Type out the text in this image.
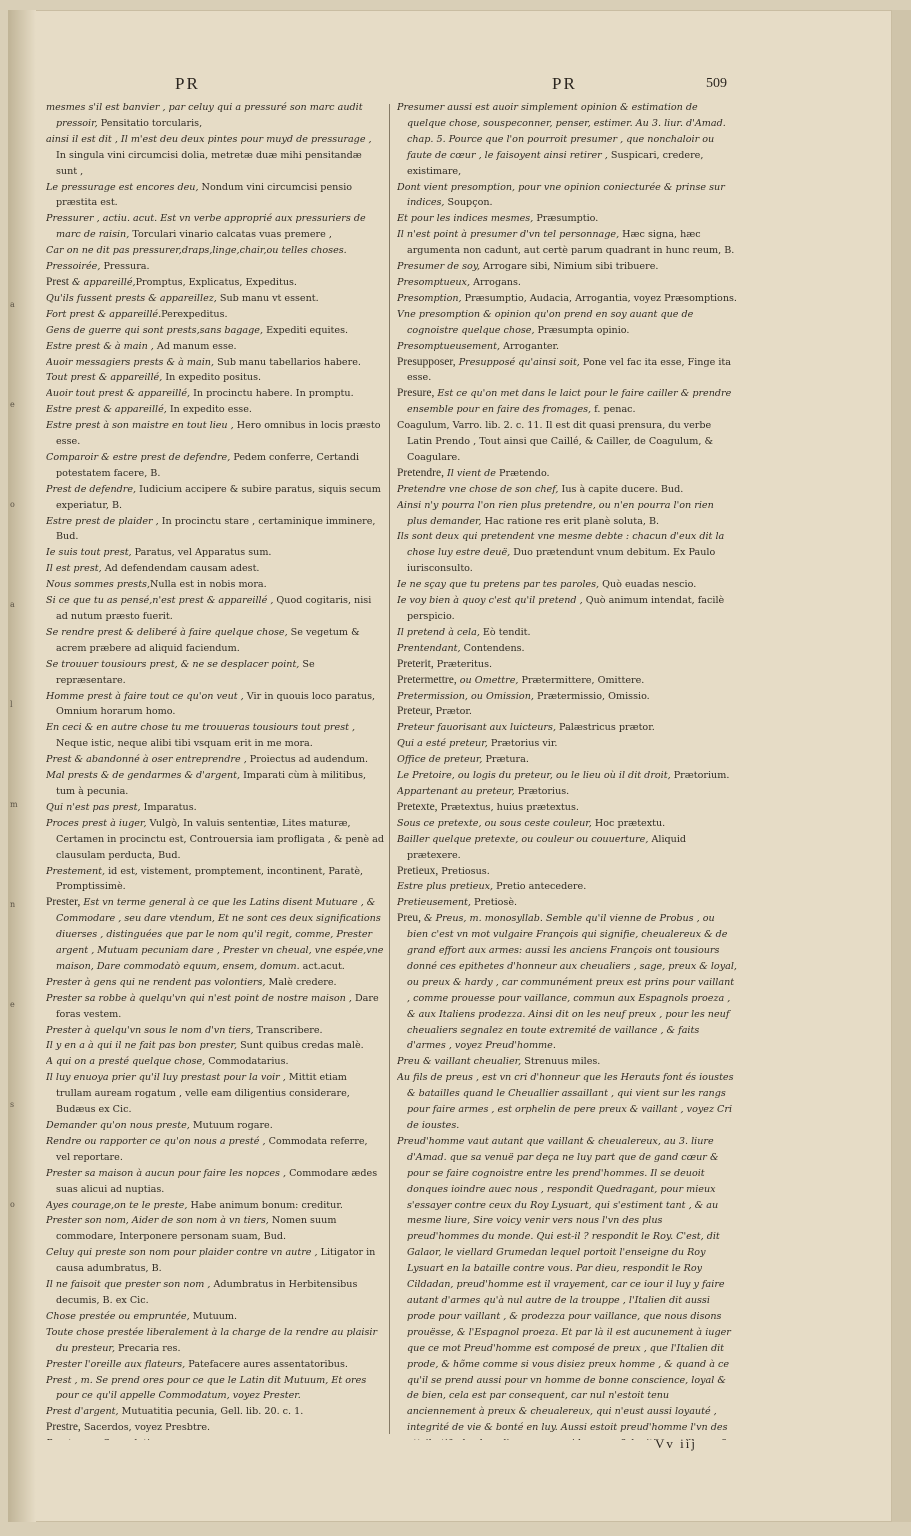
a
e
o
a
l
m
n
e
s
o
PR	PR	509

mesmes s'il est banvier , par celuy qui a pressuré son marc audit pressoir, Pensitatio torcularis,

ainsi il est dit , Il m'est deu deux pintes pour muyd de pressurage , In singula vini circumcisi dolia, metretæ duæ mihi pensitandæ sunt ,

Le pressurage est encores deu, Nondum vini circumcisi pensio præstita est.

Pressurer , actiu. acut. Est vn verbe approprié aux pressuriers de marc de raisin, Torculari vinario calcatas vuas premere ,

Car on ne dit pas pressurer,draps,linge,chair,ou telles choses.

Pressoirée, Pressura.

Prest & appareillé,Promptus, Explicatus, Expeditus.

Qu'ils fussent prests & appareillez, Sub manu vt essent.

Fort prest & appareillé.Perexpeditus.

Gens de guerre qui sont prests,sans bagage, Expediti equites.

Estre prest & à main , Ad manum esse.

Auoir messagiers prests & à main, Sub manu tabellarios habere.

Tout prest & appareillé, In expedito positus.

Auoir tout prest & appareillé, In procinctu habere. In promptu.

Estre prest & appareillé, In expedito esse.

Estre prest à son maistre en tout lieu , Hero omnibus in locis præsto esse.

Comparoir & estre prest de defendre, Pedem conferre, Certandi potestatem facere, B.

Prest de defendre, Iudicium accipere & subire paratus, siquis secum experiatur, B.

Estre prest de plaider , In procinctu stare , certaminique imminere, Bud.

Ie suis tout prest, Paratus, vel Apparatus sum.

Il est prest, Ad defendendam causam adest.

Nous sommes prests,Nulla est in nobis mora.

Si ce que tu as pensé,n'est prest & appareillé , Quod cogitaris, nisi ad nutum præsto fuerit.

Se rendre prest & deliberé à faire quelque chose, Se vegetum & acrem præbere ad aliquid faciendum.

Se trouuer tousiours prest, & ne se desplacer point, Se repræsentare.

Homme prest à faire tout ce qu'on veut , Vir in quouis loco paratus, Omnium horarum homo.

En ceci & en autre chose tu me trouueras tousiours tout prest , Neque istic, neque alibi tibi vsquam erit in me mora.

Prest & abandonné à oser entreprendre , Proiectus ad audendum.

Mal prests & de gendarmes & d'argent, Imparati cùm à militibus, tum à pecunia.

Qui n'est pas prest, Imparatus.

Proces prest à iuger, Vulgò, In valuis sententiæ, Lites maturæ, Certamen in procinctu est, Controuersia iam profligata , & penè ad clausulam perducta, Bud.

Prestement, id est, vistement, promptement, incontinent, Paratè, Promptissimè.

Prester, Est vn terme general à ce que les Latins disent Mutuare , & Commodare , seu dare vtendum, Et ne sont ces deux significations diuerses , distinguées que par le nom qu'il regit, comme, Prester argent , Mutuam pecuniam dare , Prester vn cheual, vne espée,vne maison, Dare commodatò equum, ensem, domum. act.acut.

Prester à gens qui ne rendent pas volontiers, Malè credere.

Prester sa robbe à quelqu'vn qui n'est point de nostre maison , Dare foras vestem.

Prester à quelqu'vn sous le nom d'vn tiers, Transcribere.

Il y en a à qui il ne fait pas bon prester, Sunt quibus credas malè.

A qui on a presté quelque chose, Commodatarius.

Il luy enuoya prier qu'il luy prestast pour la voir , Mittit etiam trullam auream rogatum , velle eam diligentius considerare, Budæus ex Cic.

Demander qu'on nous preste, Mutuum rogare.

Rendre ou rapporter ce qu'on nous a presté , Commodata referre, vel reportare.

Prester sa maison à aucun pour faire les nopces , Commodare ædes suas alicui ad nuptias.

Ayes courage,on te le preste, Habe animum bonum: creditur.

Prester son nom, Aider de son nom à vn tiers, Nomen suum commodare, Interponere personam suam, Bud.

Celuy qui preste son nom pour plaider contre vn autre , Litigator in causa adumbratus, B.

Il ne faisoit que prester son nom , Adumbratus in Herbitensibus decumis, B. ex Cic.

Chose prestée ou empruntée, Mutuum.

Toute chose prestée liberalement à la charge de la rendre au plaisir du presteur, Precaria res.

Prester l'oreille aux flateurs, Patefacere aures assentatoribus.

Prest , m. Se prend ores pour ce que le Latin dit Mutuum, Et ores pour ce qu'il appelle Commodatum, voyez Prester.

Prest d'argent, Mutuatitia pecunia, Gell. lib. 20. c. 1.

Prestre, Sacerdos, voyez Presbtre.

Presumer aussi est auoir simplement opinion & estimation de quelque chose, souspeconner, penser, estimer. Au 3. liur. d'Amad. chap. 5. Pource que l'on pourroit presumer , que nonchaloir ou faute de cœur , le faisoyent ainsi retirer , Suspicari, credere, existimare,

Dont vient presomption, pour vne opinion coniecturée & prinse sur indices, Soupçon.

Et pour les indices mesmes, Præsumptio.

Il n'est point à presumer d'vn tel personnage, Hæc signa, hæc argumenta non cadunt, aut certè parum quadrant in hunc reum, B.

Presumer de soy, Arrogare sibi, Nimium sibi tribuere.

Presomptueux, Arrogans.

Presomption, Præsumptio, Audacia, Arrogantia, voyez Præsomptions.

Vne presomption & opinion qu'on prend en soy auant que de cognoistre quelque chose, Præsumpta opinio.

Presomptueusement, Arroganter.

Presupposer, Presupposé qu'ainsi soit, Pone vel fac ita esse, Finge ita esse.

Presure, Est ce qu'on met dans le laict pour le faire cailler & prendre ensemble pour en faire des fromages, f. penac.

Coagulum, Varro. lib. 2. c. 11. Il est dit quasi prensura, du verbe Latin Prendo , Tout ainsi que Caillé, & Cailler, de Coagulum, & Coagulare.

Pretendre, Il vient de Prætendo.

Pretendre vne chose de son chef, Ius à capite ducere. Bud.

Ainsi n'y pourra l'on rien plus pretendre, ou n'en pourra l'on rien plus demander, Hac ratione res erit planè soluta, B.

Ils sont deux qui pretendent vne mesme debte : chacun d'eux dit la chose luy estre deuë, Duo prætendunt vnum debitum. Ex Paulo iurisconsulto.

Ie ne sçay que tu pretens par tes paroles, Quò euadas nescio.

Ie voy bien à quoy c'est qu'il pretend , Quò animum intendat, facilè perspicio.

Il pretend à cela, Eò tendit.

Prentendant, Contendens.

Preterit, Præteritus.

Pretermettre, ou Omettre, Prætermittere, Omittere.

Pretermission, ou Omission, Prætermissio, Omissio.

Preteur, Prætor.

Preteur fauorisant aux luicteurs, Palæstricus prætor.

Qui a esté preteur, Prætorius vir.

Office de preteur, Prætura.

Le Pretoire, ou logis du preteur, ou le lieu où il dit droit, Prætorium.

Appartenant au preteur, Prætorius.

Pretexte, Prætextus, huius prætextus.

Sous ce pretexte, ou sous ceste couleur, Hoc prætextu.

Bailler quelque pretexte, ou couleur ou couuerture, Aliquid prætexere.

Pretieux, Pretiosus.

Estre plus pretieux, Pretio antecedere.

Pretieusement, Pretiosè.

Preu, & Preus, m. monosyllab. Semble qu'il vienne de Probus , ou bien c'est vn mot vulgaire François qui signifie, cheualereux & de grand effort aux armes: aussi les anciens François ont tousiours donné ces epithetes d'honneur aux cheualiers , sage, preux & loyal, ou preux & hardy , car communément preux est prins pour vaillant , comme prouesse pour vaillance, commun aux Espagnols proeza , & aux Italiens prodezza. Ainsi dit on les neuf preux , pour les neuf cheualiers segnalez en toute extremité de vaillance , & faits d'armes , voyez Preud'homme.

Preu & vaillant cheualier, Strenuus miles.

Au fils de preus , est vn cri d'honneur que les Herauts font és ioustes & batailles quand le Cheuallier assaillant , qui vient sur les rangs pour faire armes , est orphelin de pere preux & vaillant , voyez Cri de ioustes.

Preud'homme vaut autant que vaillant & cheualereux, au 3. liure d'Amad. que sa venuë par deça ne luy part que de gand cœur & pour se faire cognoistre entre les prend'hommes. Il se deuoit donques ioindre auec nous , respondit Quedragant, pour mieux s'essayer contre ceux du Roy Lysuart, qui s'estiment tant , & au mesme liure, Sire voicy venir vers nous l'vn des plus preud'hommes du monde. Qui est-il ? respondit le Roy. C'est, dit Galaor, le viellard Grumedan lequel portoit l'enseigne du Roy Lysuart en la bataille contre vous. Par dieu, respondit le Roy Cildadan, preud'homme est il vrayement, car ce iour il luy y faire autant d'armes qu'à nul autre de la trouppe , l'Italien dit aussi prode pour vaillant , & prodezza pour vaillance, que nous disons prouësse, & l'Espagnol proeza. Et par là il est aucunement à iuger que ce mot Preud'homme est composé de preux , que l'Italien dit prode, & hõme comme si vous disiez preux homme , & quand à ce qu'il se prend aussi pour vn homme de bonne conscience, loyal & de bien, cela est par consequent, car nul n'estoit tenu anciennement à preux & cheualereux, qui n'eust aussi loyauté , integrité de vie & bonté en luy. Aussi estoit preud'homme l'vn des

Vv iij
